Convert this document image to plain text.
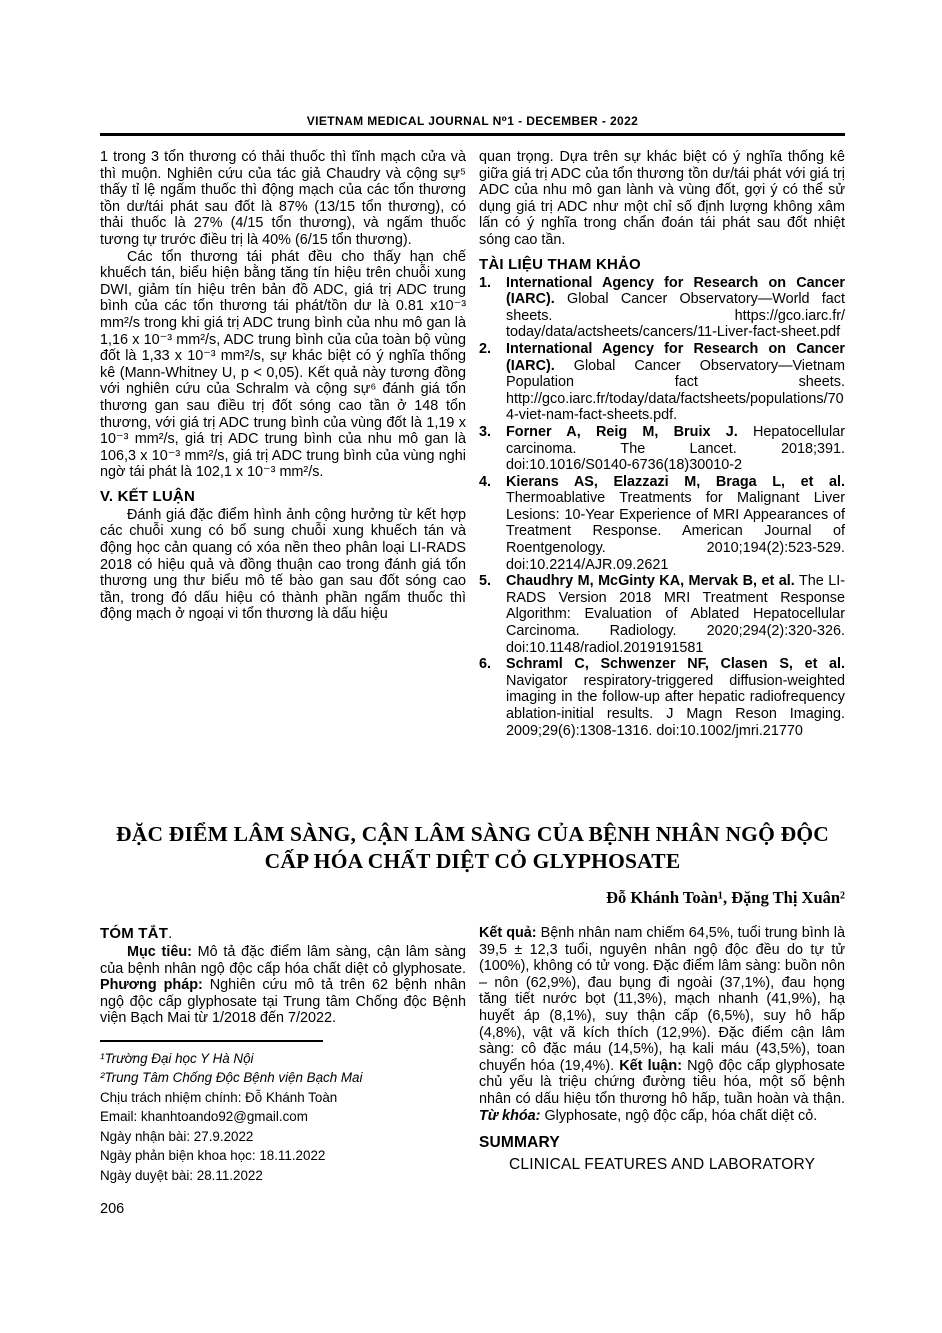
VIETNAM MEDICAL JOURNAL N⁰1 - DECEMBER - 2022

1 trong 3 tổn thương có thải thuốc thì tĩnh mạch cửa và thì muộn. Nghiên cứu của tác giả Chaudry và cộng sự⁵ thấy tỉ lệ ngấm thuốc thì động mạch của các tổn thương tồn dư/tái phát sau đốt là 87% (13/15 tổn thương), có thải thuốc là 27% (4/15 tổn thương), và ngấm thuốc tương tự trước điều trị là 40% (6/15 tổn thương).

Các tổn thương tái phát đều cho thấy hạn chế khuếch tán, biểu hiện bằng tăng tín hiệu trên chuỗi xung DWI, giảm tín hiệu trên bản đồ ADC, giá trị ADC trung bình của các tổn thương tái phát/tồn dư là 0.81 x10⁻³ mm²/s trong khi giá trị ADC trung bình của nhu mô gan là 1,16 x 10⁻³ mm²/s, ADC trung bình của của toàn bộ vùng đốt là 1,33 x 10⁻³ mm²/s, sự khác biệt có ý nghĩa thống kê (Mann-Whitney U, p < 0,05). Kết quả này tương đồng với nghiên cứu của Schralm và cộng sự⁶ đánh giá tổn thương gan sau điều trị đốt sóng cao tần ở 148 tổn thương, với giá trị ADC trung bình của vùng đốt là 1,19 x 10⁻³ mm²/s, giá trị ADC trung bình của nhu mô gan là 106,3 x 10⁻³ mm²/s, giá trị ADC trung bình của vùng nghi ngờ tái phát là 102,1 x 10⁻³ mm²/s.

V. KẾT LUẬN

Đánh giá đặc điểm hình ảnh cộng hưởng từ kết hợp các chuỗi xung có bổ sung chuỗi xung khuếch tán và động học cản quang có xóa nền theo phân loại LI-RADS 2018 có hiệu quả và đồng thuận cao trong đánh giá tổn thương ung thư biểu mô tế bào gan sau đốt sóng cao tần, trong đó dấu hiệu có thành phần ngấm thuốc thì động mạch ở ngoại vi tổn thương là dấu hiệu

quan trọng. Dựa trên sự khác biệt có ý nghĩa thống kê giữa giá trị ADC của tổn thương tồn dư/tái phát với giá trị ADC của nhu mô gan lành và vùng đốt, gợi ý có thể sử dụng giá trị ADC như một chỉ số định lượng không xâm lấn có ý nghĩa trong chẩn đoán tái phát sau đốt nhiệt sóng cao tần.

TÀI LIỆU THAM KHẢO
1.	International Agency for Research on Cancer (IARC). Global Cancer Observatory—World fact sheets. https://gco.iarc.fr/ today/data/actsheets/cancers/11-Liver-fact-sheet.pdf
2.	International Agency for Research on Cancer (IARC). Global Cancer Observatory—Vietnam Population fact sheets. http://gco.iarc.fr/today/data/factsheets/populations/704-viet-nam-fact-sheets.pdf.
3.	Forner A, Reig M, Bruix J. Hepatocellular carcinoma. The Lancet. 2018;391. doi:10.1016/S0140-6736(18)30010-2
4.	Kierans AS, Elazzazi M, Braga L, et al. Thermoablative Treatments for Malignant Liver Lesions: 10-Year Experience of MRI Appearances of Treatment Response. American Journal of Roentgenology. 2010;194(2):523-529. doi:10.2214/AJR.09.2621
5.	Chaudhry M, McGinty KA, Mervak B, et al. The LI-RADS Version 2018 MRI Treatment Response Algorithm: Evaluation of Ablated Hepatocellular Carcinoma. Radiology. 2020;294(2):320-326. doi:10.1148/radiol.2019191581
6.	Schraml C, Schwenzer NF, Clasen S, et al. Navigator respiratory-triggered diffusion-weighted imaging in the follow-up after hepatic radiofrequency ablation-initial results. J Magn Reson Imaging. 2009;29(6):1308-1316. doi:10.1002/jmri.21770
ĐẶC ĐIỂM LÂM SÀNG, CẬN LÂM SÀNG CỦA BỆNH NHÂN NGỘ ĐỘC
CẤP HÓA CHẤT DIỆT CỎ GLYPHOSATE
Đỗ Khánh Toàn¹, Đặng Thị Xuân²
TÓM TẮT.

Mục tiêu: Mô tả đặc điểm lâm sàng, cận lâm sàng của bệnh nhân ngộ độc cấp hóa chất diệt cỏ glyphosate. Phương pháp: Nghiên cứu mô tả trên 62 bệnh nhân ngộ độc cấp glyphosate tại Trung tâm Chống độc Bệnh viện Bạch Mai từ 1/2018 đến 7/2022.

¹Trường Đại học Y Hà Nội
²Trung Tâm Chống Độc Bệnh viện Bạch Mai
Chịu trách nhiệm chính: Đỗ Khánh Toàn
Email: khanhtoando92@gmail.com
Ngày nhận bài: 27.9.2022
Ngày phản biện khoa học: 18.11.2022
Ngày duyệt bài: 28.11.2022

Kết quả: Bệnh nhân nam chiếm 64,5%, tuổi trung bình là 39,5 ± 12,3 tuổi, nguyên nhân ngộ độc đều do tự tử (100%), không có tử vong. Đặc điểm lâm sàng: buồn nôn – nôn (62,9%), đau bụng đi ngoài (37,1%), đau họng tăng tiết nước bọt (11,3%), mạch nhanh (41,9%), hạ huyết áp (8,1%), suy thận cấp (6,5%), suy hô hấp (4,8%), vật vã kích thích (12,9%). Đặc điểm cận lâm sàng: cô đặc máu (14,5%), hạ kali máu (43,5%), toan chuyển hóa (19,4%). Kết luận: Ngộ độc cấp glyphosate chủ yếu là triệu chứng đường tiêu hóa, một số bệnh nhân có dấu hiệu tổn thương hô hấp, tuần hoàn và thận. Từ khóa: Glyphosate, ngộ độc cấp, hóa chất diệt cỏ.

SUMMARY
CLINICAL FEATURES AND LABORATORY
206
